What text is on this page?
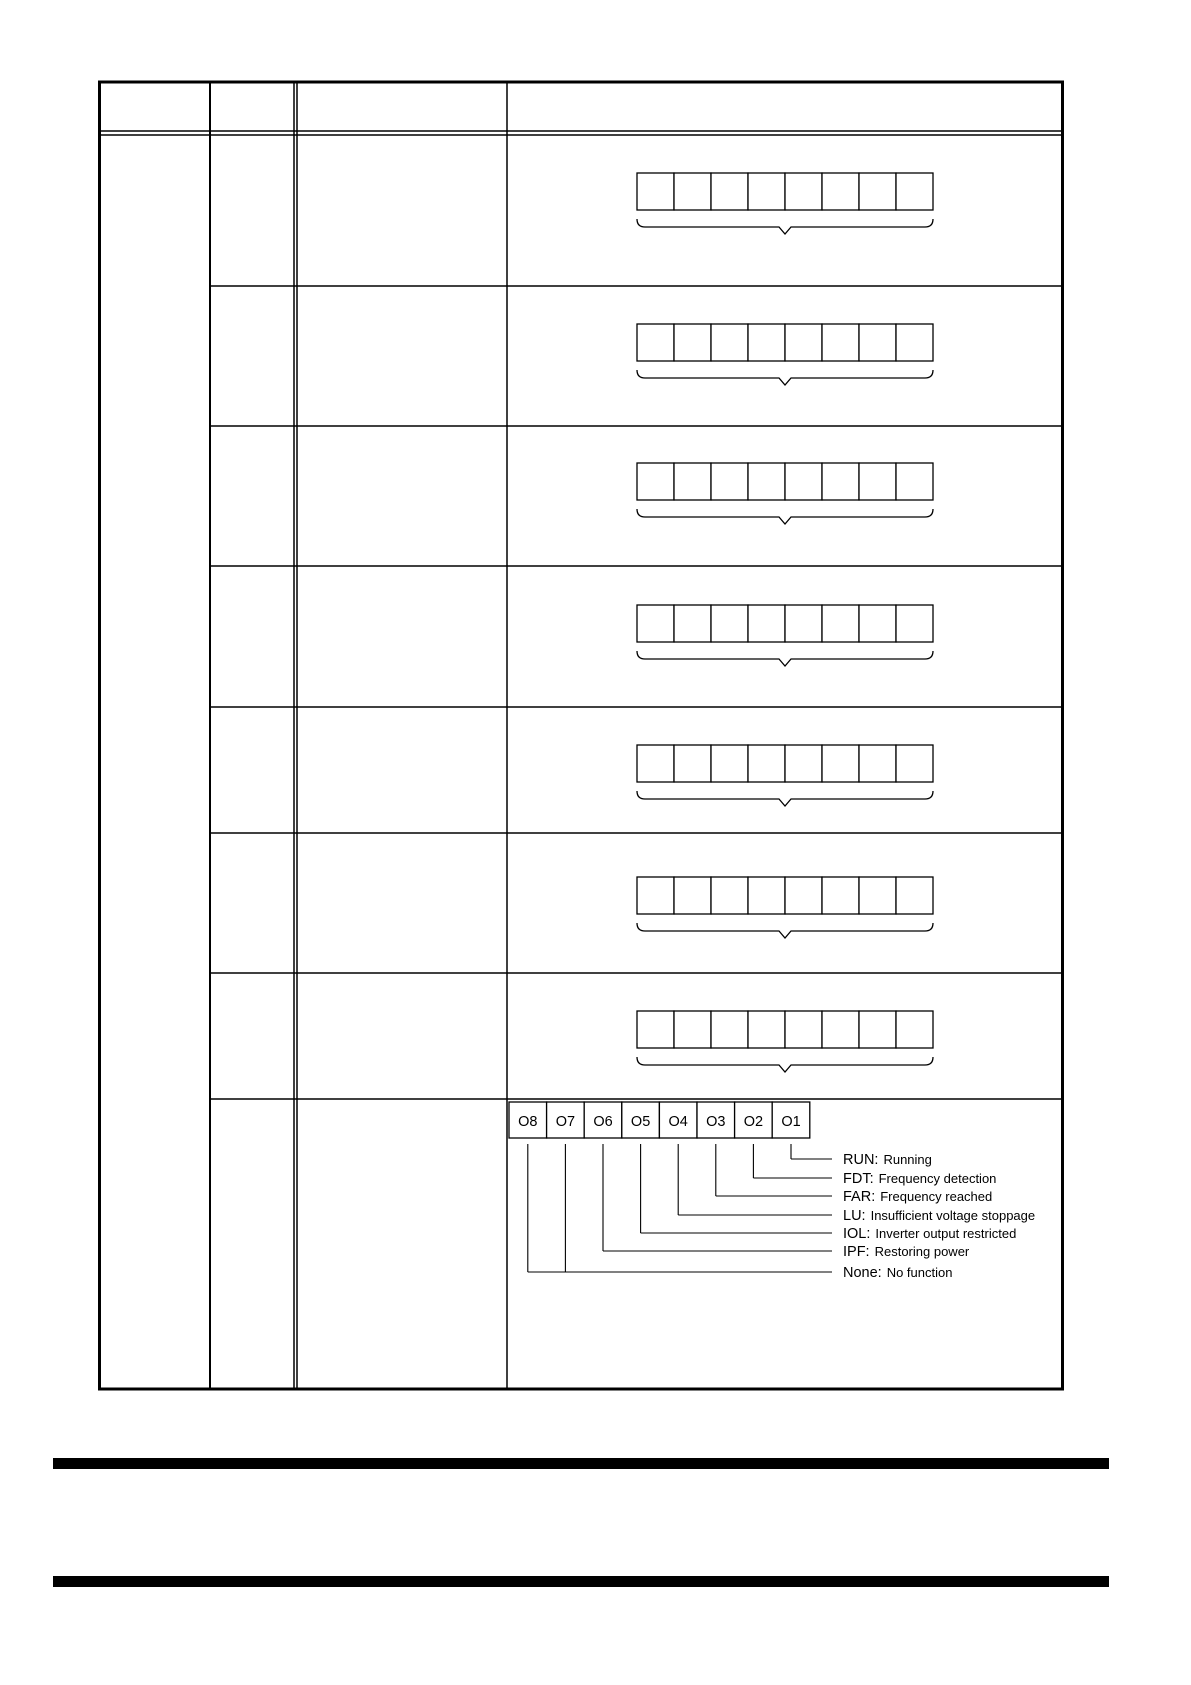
O8 O7 O6 O5 O4 O3 O2 O1
RUN: Running
FDT: Frequency detection
FAR: Frequency reached
LU: Insufficient voltage stoppage
IOL: Inverter output restricted
IPF: Restoring power
None: No function
